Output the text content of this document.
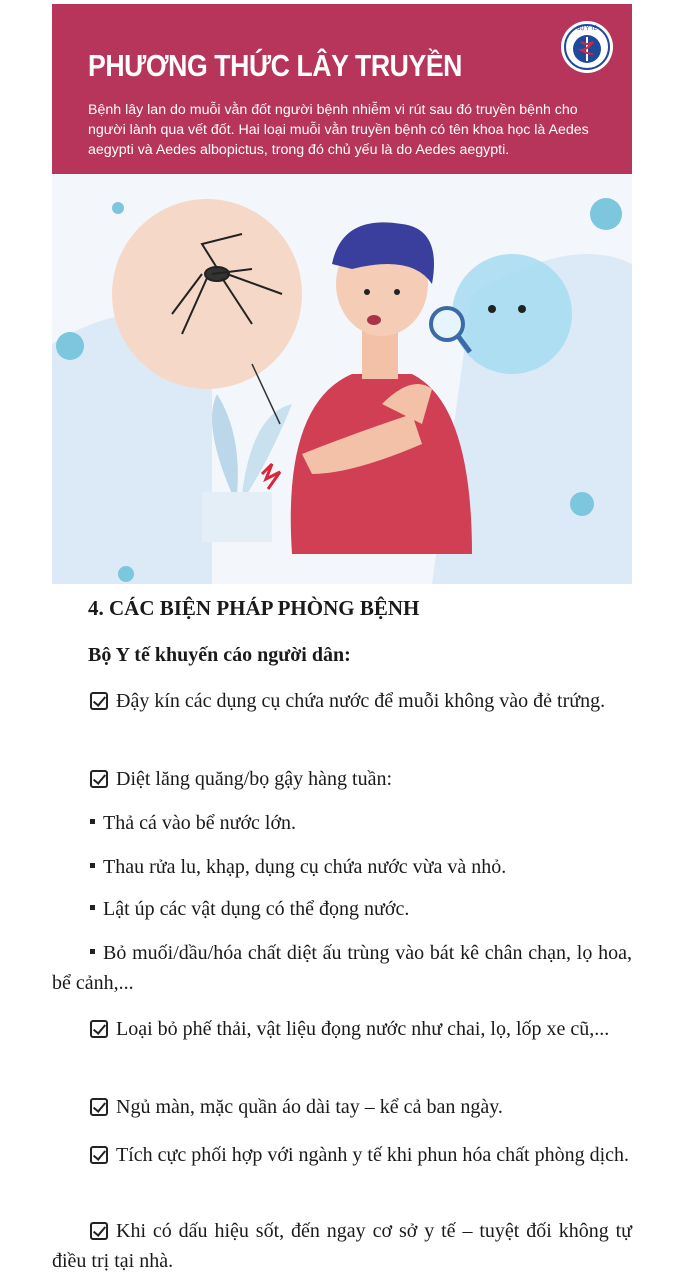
PHƯƠNG THỨC LÂY TRUYỀN

Bệnh lây lan do muỗi vằn đốt người bệnh nhiễm vi rút sau đó truyền bệnh cho người lành qua vết đốt. Hai loại muỗi vằn truyền bệnh có tên khoa học là Aedes aegypti và Aedes albopictus, trong đó chủ yếu là do Aedes aegypti.

BỘ Y TẾ
4. CÁC BIỆN PHÁP PHÒNG BỆNH

Bộ Y tế khuyến cáo người dân:

Đậy kín các dụng cụ chứa nước để muỗi không vào đẻ trứng.

Diệt lăng quăng/bọ gậy hàng tuần:

Thả cá vào bể nước lớn.

Thau rửa lu, khạp, dụng cụ chứa nước vừa và nhỏ.

Lật úp các vật dụng có thể đọng nước.

Bỏ muối/dầu/hóa chất diệt ấu trùng vào bát kê chân chạn, lọ hoa, bể cảnh,...

Loại bỏ phế thải, vật liệu đọng nước như chai, lọ, lốp xe cũ,...

Ngủ màn, mặc quần áo dài tay – kể cả ban ngày.

Tích cực phối hợp với ngành y tế khi phun hóa chất phòng dịch.

Khi có dấu hiệu sốt, đến ngay cơ sở y tế – tuyệt đối không tự điều trị tại nhà.
